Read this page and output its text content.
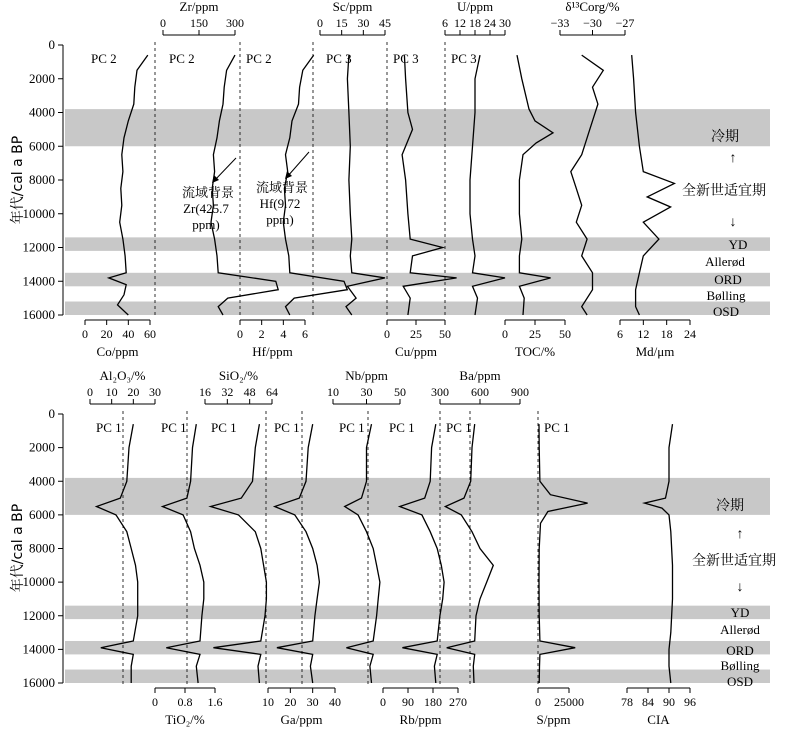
0
2000
4000
6000
8000
10000
12000
14000
16000
PC 2
0 20 40 60
Co/ppm
PC 2
0 150 300
Zr/ppm
PC 2
0 2 4 6
Hf/ppm
PC 3
0 15 30 45
Sc/ppm
PC 3
0 25 50
Cu/ppm
PC 3
6 12 18 24 30
U/ppm
0 25 50
TOC/%
−33 −30 −27
δ¹³Corg/%
6 12 18 24
Md/μm
0
2000
4000
6000
8000
10000
12000
14000
16000
PC 1
0 10 20 30
Al₂O₃/%
PC 1
0 0.8 1.6
TiO₂/%
PC 1
16 32 48 64
SiO₂/%
PC 1
10 20 30 40
Ga/ppm
PC 1
10 30 50
Nb/ppm
PC 1
0 90 180 270
Rb/ppm
PC 1
300 600 900
Ba/ppm
PC 1
0 25000
S/ppm
78 84 90 96
CIA
年代/cal a BP
年代/cal a BP
冷期
↑
全新世适宜期
↓
YD
Allerød
ORD
Bølling
OSD
流域背景
Zr(425.7
ppm)
流域背景
Hf(9.72
ppm)
冷期
↑
全新世适宜期
↓
YD
Allerød
ORD
Bølling
OSD
